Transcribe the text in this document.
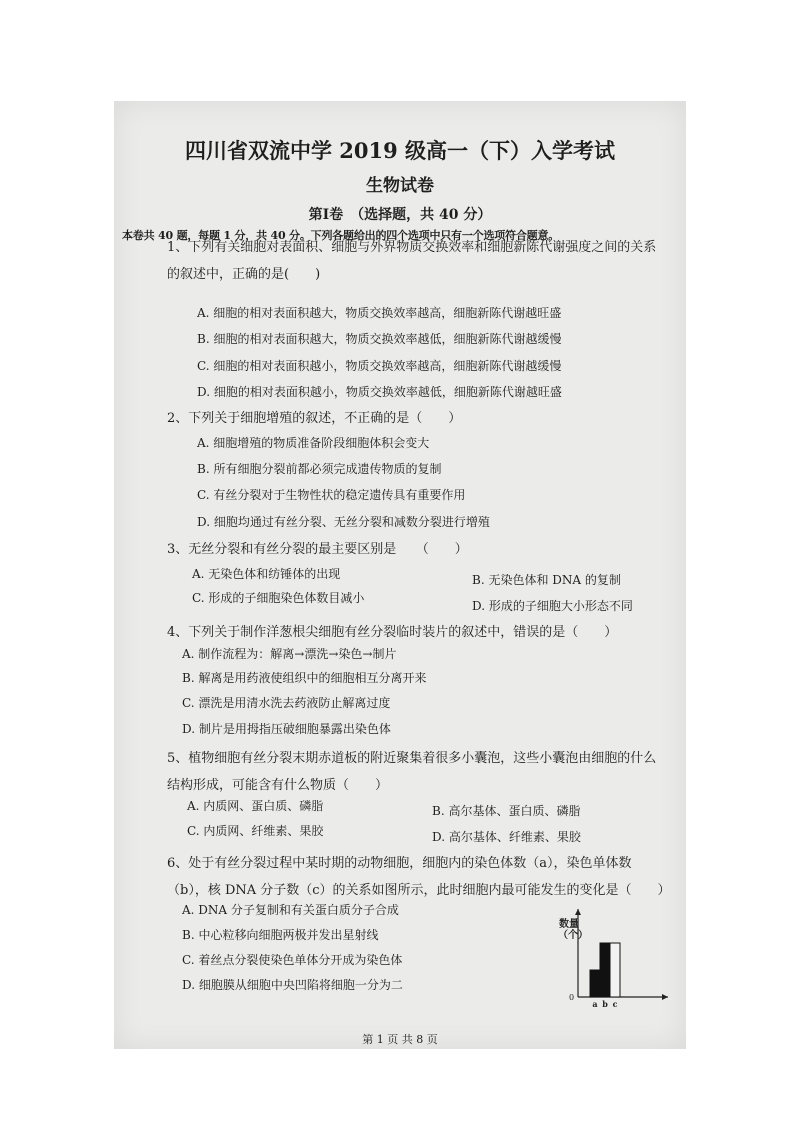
四川省双流中学 2019 级高一（下）入学考试
生物试卷
第Ⅰ卷　（选择题，共 40 分）
本卷共 40 题，每题 1 分，共 40 分。下列各题给出的四个选项中只有一个选项符合题意。
1、下列有关细胞对表面积、细胞与外界物质交换效率和细胞新陈代谢强度之间的关系的叙述中，正确的是(　　)
A. 细胞的相对表面积越大，物质交换效率越高，细胞新陈代谢越旺盛
B. 细胞的相对表面积越大，物质交换效率越低，细胞新陈代谢越缓慢
C. 细胞的相对表面积越小，物质交换效率越高，细胞新陈代谢越缓慢
D. 细胞的相对表面积越小，物质交换效率越低，细胞新陈代谢越旺盛
2、下列关于细胞增殖的叙述，不正确的是（　　）
A. 细胞增殖的物质准备阶段细胞体积会变大
B. 所有细胞分裂前都必须完成遗传物质的复制
C. 有丝分裂对于生物性状的稳定遗传具有重要作用
D. 细胞均通过有丝分裂、无丝分裂和减数分裂进行增殖
3、无丝分裂和有丝分裂的最主要区别是　　（　　）
A. 无染色体和纺锤体的出现	B. 无染色体和 DNA 的复制
C. 形成的子细胞染色体数目减小
D. 形成的子细胞大小形态不同
4、下列关于制作洋葱根尖细胞有丝分裂临时装片的叙述中，错误的是（　　）
A. 制作流程为：解离→漂洗→染色→制片
B. 解离是用药液使组织中的细胞相互分离开来
C. 漂洗是用清水洗去药液防止解离过度
D. 制片是用拇指压破细胞暴露出染色体
5、植物细胞有丝分裂末期赤道板的附近聚集着很多小囊泡，这些小囊泡由细胞的什么结构形成，可能含有什么物质（　　）
A. 内质网、蛋白质、磷脂	B. 高尔基体、蛋白质、磷脂
C. 内质网、纤维素、果胶	D. 高尔基体、纤维素、果胶
6、处于有丝分裂过程中某时期的动物细胞，细胞内的染色体数（a），染色单体数（b），核 DNA 分子数（c）的关系如图所示，此时细胞内最可能发生的变化是（　　）
A. DNA 分子复制和有关蛋白质分子合成
B. 中心粒移向细胞两极并发出星射线
C. 着丝点分裂使染色单体分开成为染色体
D. 细胞膜从细胞中央凹陷将细胞一分为二
数量（个）
0
a b c
第 1 页 共 8 页
